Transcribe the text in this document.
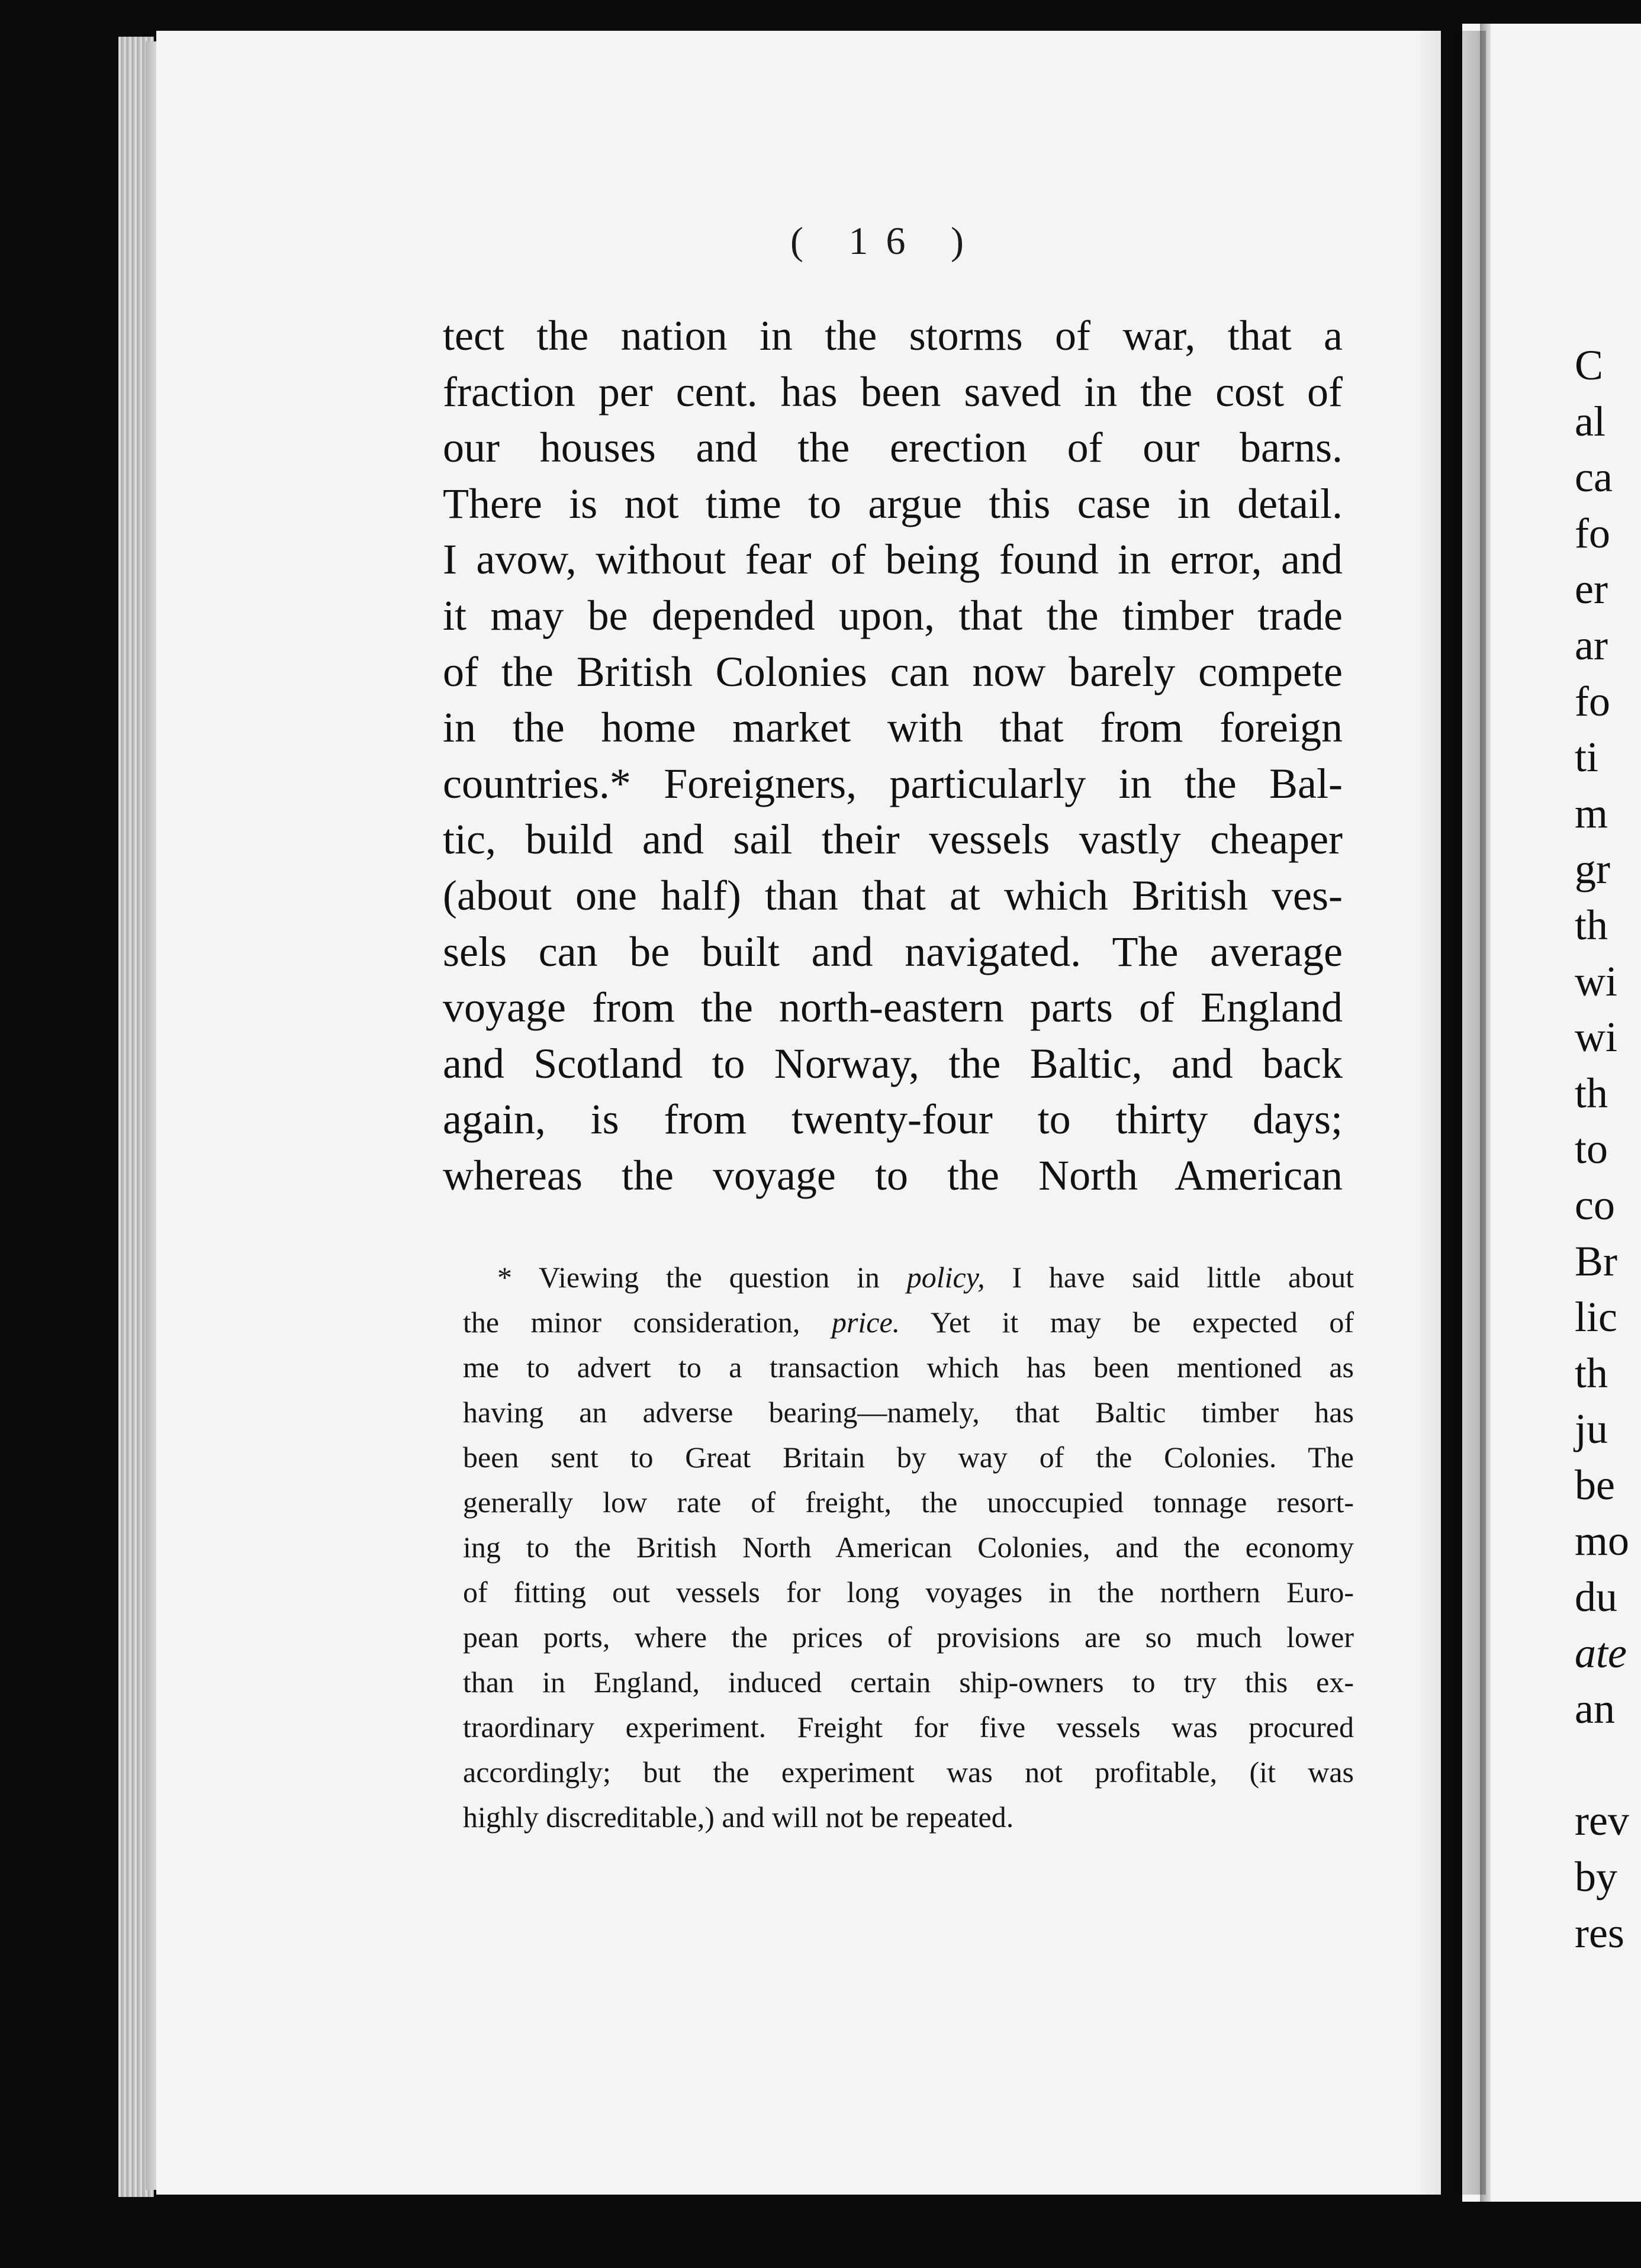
( 16 )
tect the nation in the storms of war, that a
fraction per cent. has been saved in the cost of
our houses and the erection of our barns.
There is not time to argue this case in detail.
I avow, without fear of being found in error, and
it may be depended upon, that the timber trade
of the British Colonies can now barely compete
in the home market with that from foreign
countries.* Foreigners, particularly in the Bal-
tic, build and sail their vessels vastly cheaper
(about one half) than that at which British ves-
sels can be built and navigated. The average
voyage from the north-eastern parts of England
and Scotland to Norway, the Baltic, and back
again, is from twenty-four to thirty days;
whereas the voyage to the North American
* Viewing the question in policy, I have said little about
the minor consideration, price. Yet it may be expected of
me to advert to a transaction which has been mentioned as
having an adverse bearing—namely, that Baltic timber has
been sent to Great Britain by way of the Colonies. The
generally low rate of freight, the unoccupied tonnage resort-
ing to the British North American Colonies, and the economy
of fitting out vessels for long voyages in the northern Euro-
pean ports, where the prices of provisions are so much lower
than in England, induced certain ship-owners to try this ex-
traordinary experiment. Freight for five vessels was procured
accordingly; but the experiment was not profitable, (it was
highly discreditable,) and will not be repeated.
C
al
ca
fo
er
ar
fo
ti
m
gr
th
wi
wi
th
to
co
Br
lic
th
ju
be
mo
du
ate
an
rev
by
res
